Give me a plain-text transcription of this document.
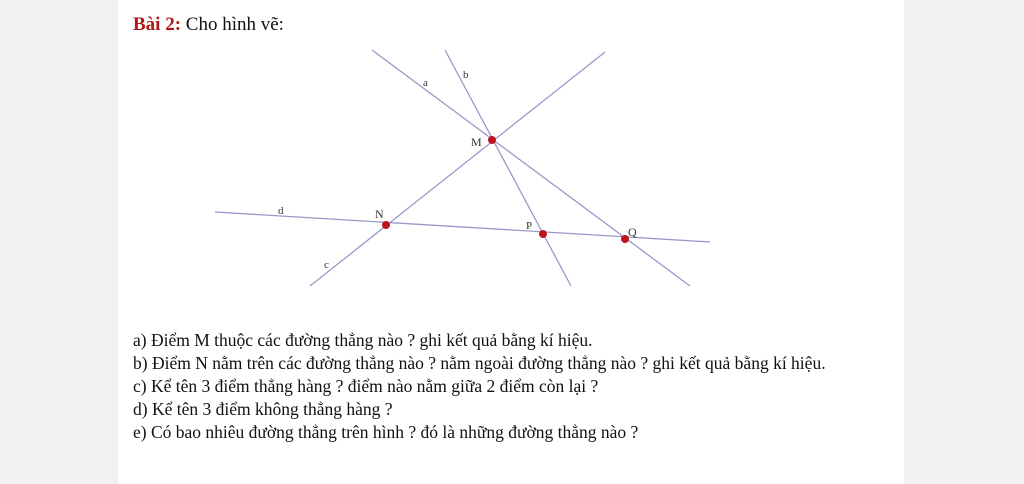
Bài 2: Cho hình vẽ:
a
b
c
d
M
N
P	Q

a) Điểm M thuộc các đường thẳng nào ? ghi kết quả bằng kí hiệu.

b) Điểm N nằm trên các đường thẳng nào ? nằm ngoài đường thẳng nào ? ghi kết quả bằng kí hiệu.

c) Kể tên 3 điểm thẳng hàng ? điểm nào nằm giữa 2 điểm còn lại ?

d) Kể tên 3 điểm không thẳng hàng ?

e) Có bao nhiêu đường thẳng trên hình ? đó là những đường thẳng nào ?
